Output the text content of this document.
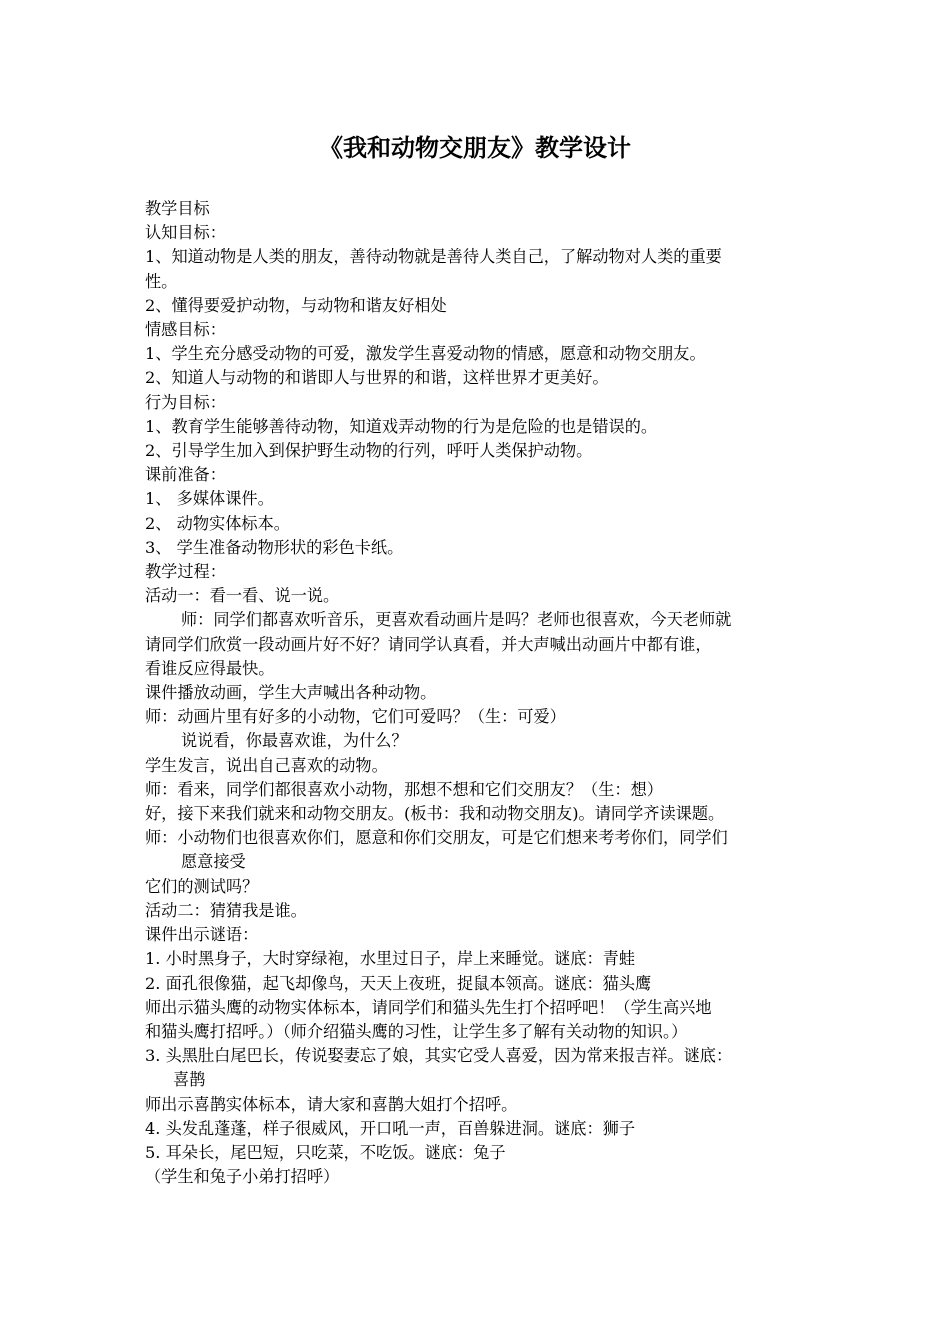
《我和动物交朋友》教学设计

教学目标

认知目标：

1、知道动物是人类的朋友，善待动物就是善待人类自己，了解动物对人类的重要

性。

2、懂得要爱护动物，与动物和谐友好相处

情感目标：

1、学生充分感受动物的可爱，激发学生喜爱动物的情感，愿意和动物交朋友。

2、知道人与动物的和谐即人与世界的和谐，这样世界才更美好。

行为目标：

1、教育学生能够善待动物，知道戏弄动物的行为是危险的也是错误的。

2、引导学生加入到保护野生动物的行列，呼吁人类保护动物。

课前准备：

1、 多媒体课件。

2、 动物实体标本。

3、 学生准备动物形状的彩色卡纸。

教学过程：

活动一：看一看、说一说。

师：同学们都喜欢听音乐，更喜欢看动画片是吗？老师也很喜欢，今天老师就

请同学们欣赏一段动画片好不好？请同学认真看，并大声喊出动画片中都有谁，

看谁反应得最快。

课件播放动画，学生大声喊出各种动物。

师：动画片里有好多的小动物，它们可爱吗？（生：可爱）

说说看，你最喜欢谁，为什么？

学生发言，说出自己喜欢的动物。

师：看来，同学们都很喜欢小动物，那想不想和它们交朋友？（生：想）

好，接下来我们就来和动物交朋友。(板书：我和动物交朋友)。请同学齐读课题。

师：小动物们也很喜欢你们，愿意和你们交朋友，可是它们想来考考你们，同学们

愿意接受

它们的测试吗？

活动二：猜猜我是谁。

课件出示谜语：

1. 小时黑身子，大时穿绿袍，水里过日子，岸上来睡觉。谜底：青蛙

2. 面孔很像猫，起飞却像鸟，天天上夜班，捉鼠本领高。谜底：猫头鹰

师出示猫头鹰的动物实体标本，请同学们和猫头先生打个招呼吧！（学生高兴地

和猫头鹰打招呼。）（师介绍猫头鹰的习性，让学生多了解有关动物的知识。）

3. 头黑肚白尾巴长，传说娶妻忘了娘，其实它受人喜爱，因为常来报吉祥。谜底：

喜鹊

师出示喜鹊实体标本，请大家和喜鹊大姐打个招呼。

4. 头发乱蓬蓬，样子很威风，开口吼一声，百兽躲进洞。谜底：狮子

5. 耳朵长，尾巴短，只吃菜，不吃饭。谜底：兔子

（学生和兔子小弟打招呼）
